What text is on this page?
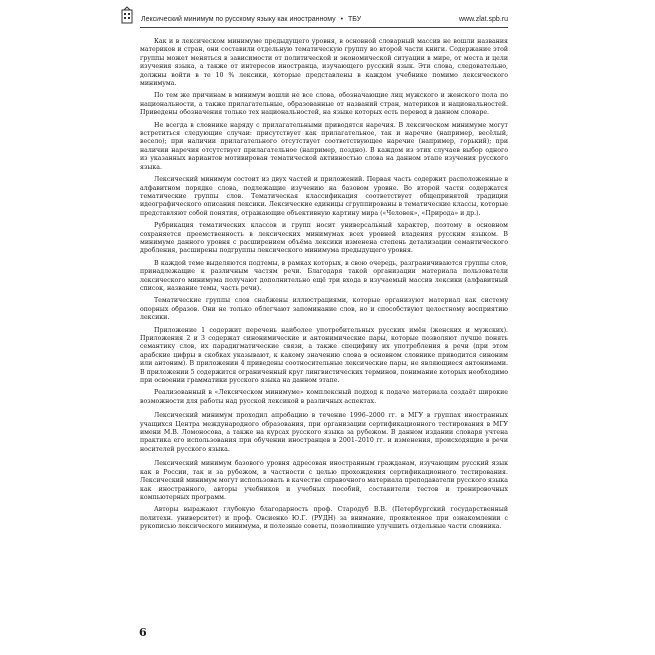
Лексический минимум по русскому языку как иностранному • ТБУ	www.zlat.spb.ru

Как и в лексическом минимуме предыдущего уровня, в основной словарный массив не вошли названия материков и стран, они составили отдельную тематическую группу во второй части книги. Содержание этой группы может меняться в зависимости от политической и экономической ситуации в мире, от места и цели изучения языка, а также от интересов иностранца, изучающего русский язык. Эти слова, следовательно, должны войти в те 10 % лексики, которые представлены в каждом учебнике помимо лексического минимума.

По тем же причинам в минимум вошли не все слова, обозначающие лиц мужского и женского пола по национальности, а также прилагательные, образованные от названий стран, материков и национальностей. Приведены обозначения только тех национальностей, на языке которых есть перевод в данном словаре.

Не всегда в словнике наряду с прилагательными приводятся наречия. В лексическом минимуме могут встретиться следующие случаи: присутствует как прилагательное, так и наречие (например, весёлый, весело); при наличии прилагательного отсутствует соответствующее наречие (например, горький); при наличии наречия отсутствует прилагательное (например, поздно). В каждом из этих случаев выбор одного из указанных вариантов мотивирован тематической активностью слова на данном этапе изучения русского языка.

Лексический минимум состоит из двух частей и приложений. Первая часть содержит расположенные в алфавитном порядке слова, подлежащие изучению на базовом уровне. Во второй части содержатся тематические группы слов. Тематическая классификация соответствует общепринятой традиции идеографического описания лексики. Лексические единицы сгруппированы в тематические классы, которые представляют собой понятия, отражающие объективную картину мира («Человек», «Природа» и др.).

Рубрикация тематических классов и групп носит универсальный характер, поэтому в основном сохраняется преемственность в лексических минимумах всех уровней владения русским языком. В минимуме данного уровня с расширением объёма лексики изменена степень детализации семантического дробления, расширены подгруппы лексического минимума предыдущего уровня.

В каждой теме выделяются подтемы, в рамках которых, в свою очередь, разграничиваются группы слов, принадлежащие к различным частям речи. Благодаря такой организации материала пользователи лексического минимума получают дополнительно ещё три входа в изучаемый массив лексики (алфавитный список, название темы, часть речи).

Тематические группы слов снабжены иллюстрациями, которые организуют материал как систему опорных образов. Они не только облегчают запоминание слов, но и способствуют целостному восприятию лексики.

Приложение 1 содержит перечень наиболее употребительных русских имён (женских и мужских). Приложения 2 и 3 содержат синонимические и антонимические пары, которые позволяют лучше понять семантику слов, их парадигматические связи, а также специфику их употребления в речи (при этом арабские цифры в скобках указывают, к какому значению слова в основном словнике приводится синоним или антоним). В приложении 4 приведены соотносительные лексические пары, не являющиеся антонимами. В приложении 5 содержится ограниченный круг лингвистических терминов, понимание которых необходимо при освоении грамматики русского языка на данном этапе.

Реализованный в «Лексическом минимуме» комплексный подход к подаче материала создаёт широкие возможности для работы над русской лексикой в различных аспектах.

Лексический минимум проходил апробацию в течение 1996–2000 гг. в МГУ в группах иностранных учащихся Центра международного образования, при организации сертификационного тестирования в МГУ имени М.В. Ломоносова, а также на курсах русского языка за рубежом. В данном издании словаря учтена практика его использования при обучении иностранцев в 2001–2010 гг. и изменения, происходящие в речи носителей русского языка.

Лексический минимум базового уровня адресован иностранным гражданам, изучающим русский язык как в России, так и за рубежом, в частности с целью прохождения сертификационного тестирования. Лексический минимум могут использовать в качестве справочного материала преподаватели русского языка как иностранного, авторы учебников и учебных пособий, составители тестов и тренировочных компьютерных программ.

Авторы выражают глубокую благодарность проф. Стародуб В.В. (Петербургский государственный политехн. университет) и проф. Овсиенко Ю.Г. (РУДН) за внимание, проявленное при ознакомлении с рукописью лексического минимума, и полезные советы, позволившие улучшить отдельные части словника.

6
